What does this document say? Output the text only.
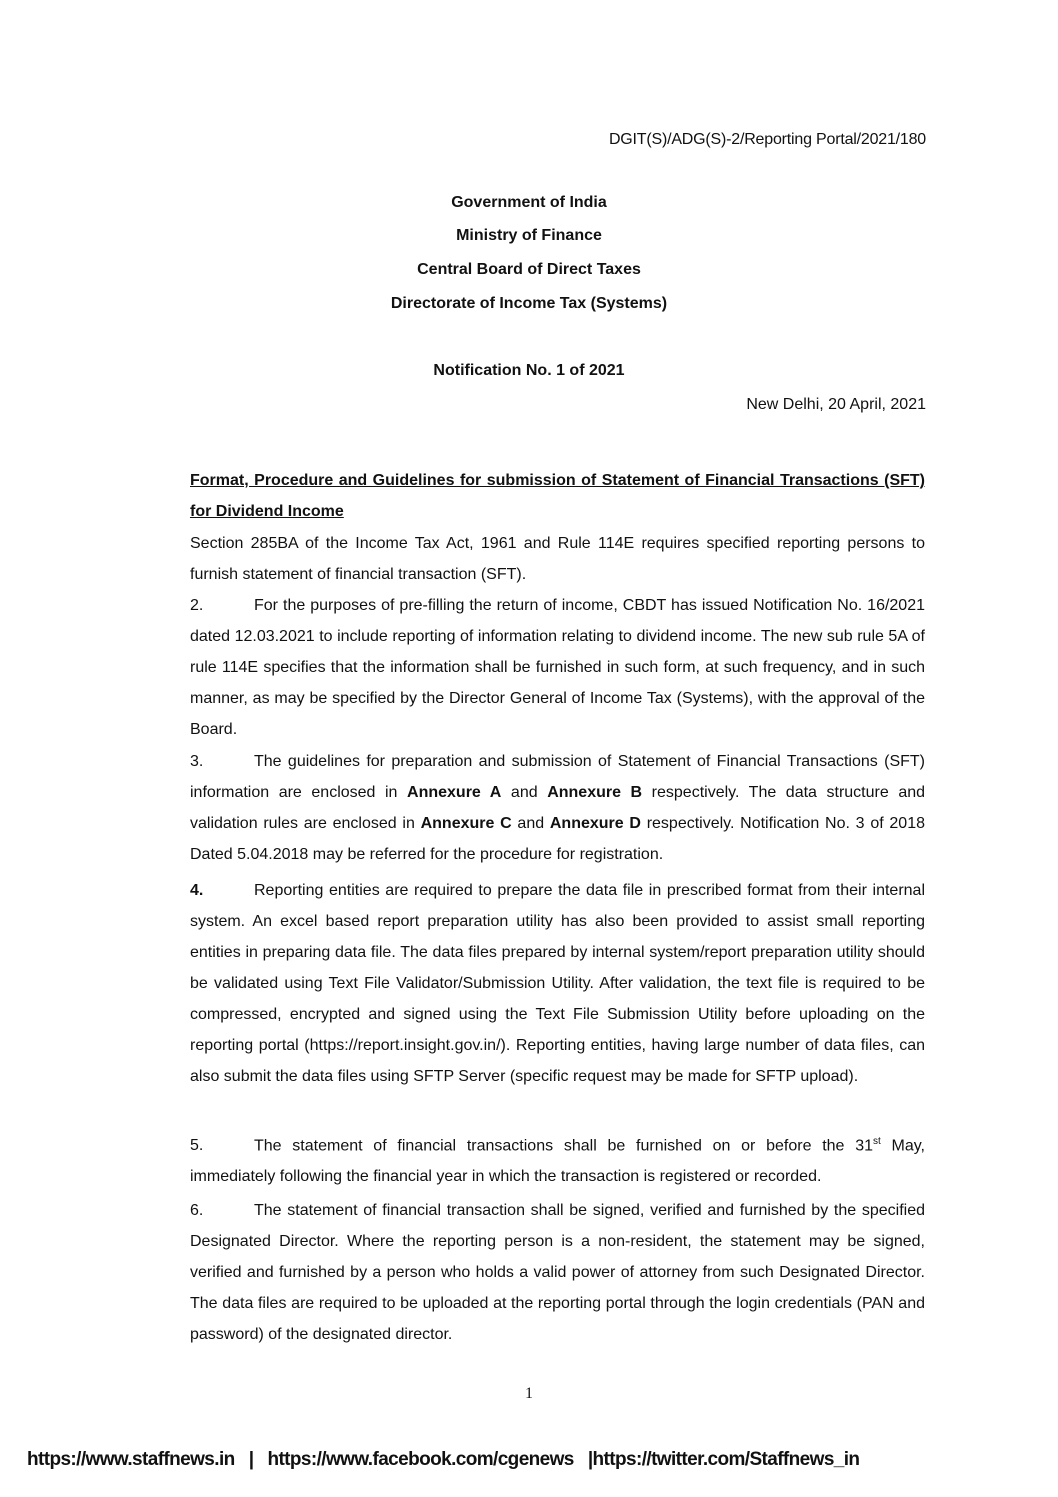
DGIT(S)/ADG(S)-2/Reporting Portal/2021/180
Government of India
Ministry of Finance
Central Board of Direct Taxes
Directorate of Income Tax (Systems)
Notification No. 1 of 2021
New Delhi, 20 April, 2021
Format, Procedure and Guidelines for submission of Statement of Financial Transactions (SFT) for Dividend Income

Section 285BA of the Income Tax Act, 1961 and Rule 114E requires specified reporting persons to furnish statement of financial transaction (SFT).

2.	For the purposes of pre-filling the return of income, CBDT has issued Notification No. 16/2021 dated 12.03.2021 to include reporting of information relating to dividend income. The new sub rule 5A of rule 114E specifies that the information shall be furnished in such form, at such frequency, and in such manner, as may be specified by the Director General of Income Tax (Systems), with the approval of the Board.

3.	The guidelines for preparation and submission of Statement of Financial Transactions (SFT) information are enclosed in Annexure A and Annexure B respectively. The data structure and validation rules are enclosed in Annexure C and Annexure D respectively. Notification No. 3 of 2018 Dated 5.04.2018 may be referred for the procedure for registration.

4.	Reporting entities are required to prepare the data file in prescribed format from their internal system. An excel based report preparation utility has also been provided to assist small reporting entities in preparing data file. The data files prepared by internal system/report preparation utility should be validated using Text File Validator/Submission Utility. After validation, the text file is required to be compressed, encrypted and signed using the Text File Submission Utility before uploading on the reporting portal (https://report.insight.gov.in/). Reporting entities, having large number of data files, can also submit the data files using SFTP Server (specific request may be made for SFTP upload).

5.	The statement of financial transactions shall be furnished on or before the 31st May, immediately following the financial year in which the transaction is registered or recorded.

6.	The statement of financial transaction shall be signed, verified and furnished by the specified Designated Director. Where the reporting person is a non-resident, the statement may be signed, verified and furnished by a person who holds a valid power of attorney from such Designated Director. The data files are required to be uploaded at the reporting portal through the login credentials (PAN and password) of the designated director.

1
https://www.staffnews.in | https://www.facebook.com/cgenews |https://twitter.com/Staffnews_in
